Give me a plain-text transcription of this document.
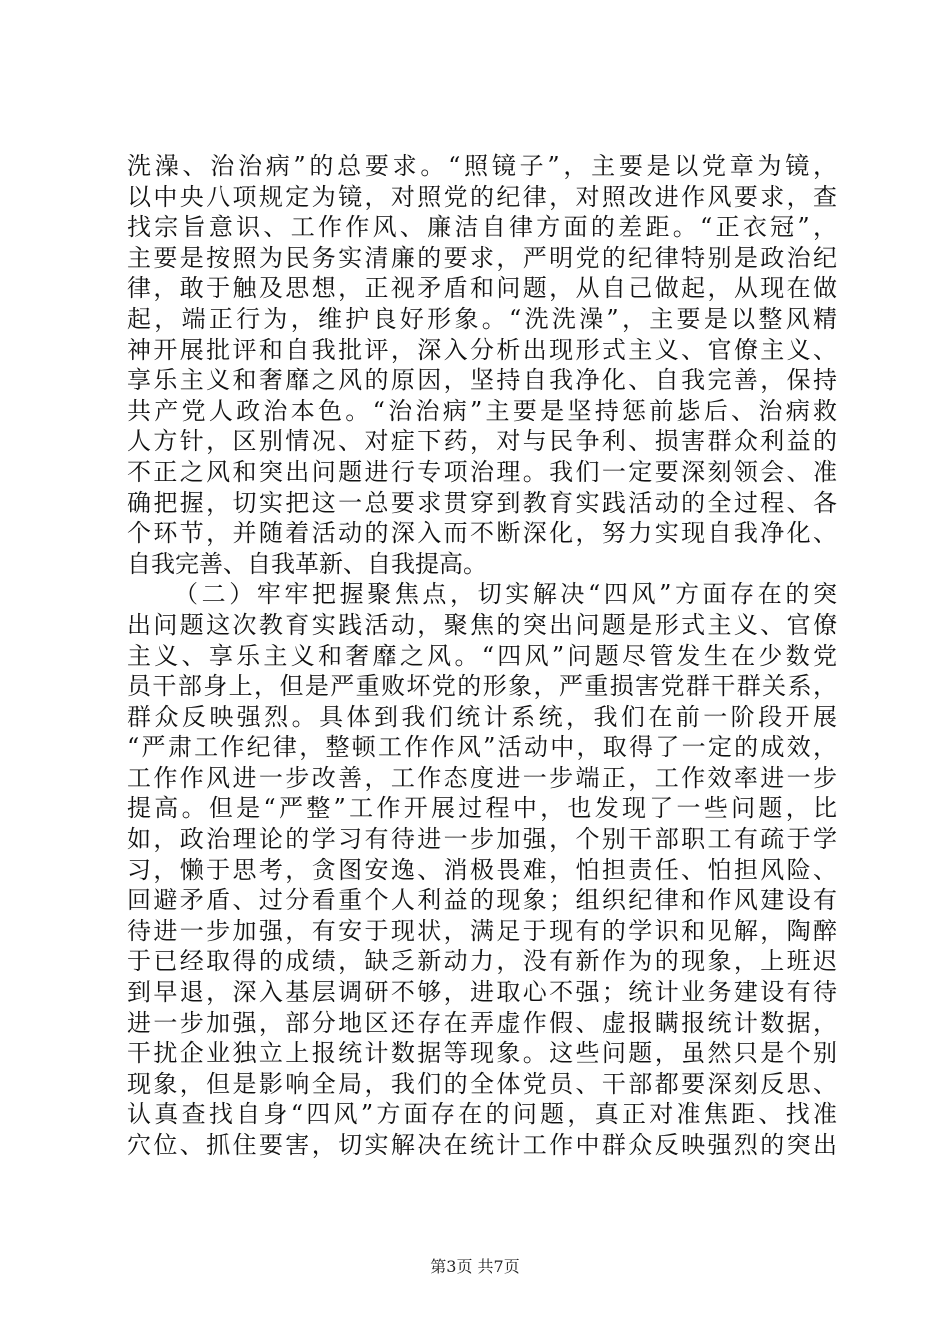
洗澡、治治病”的总要求。“照镜子”，主要是以党章为镜，
以中央八项规定为镜，对照党的纪律，对照改进作风要求，查
找宗旨意识、工作作风、廉洁自律方面的差距。“正衣冠”，
主要是按照为民务实清廉的要求，严明党的纪律特别是政治纪
律，敢于触及思想，正视矛盾和问题，从自己做起，从现在做
起，端正行为，维护良好形象。“洗洗澡”，主要是以整风精
神开展批评和自我批评，深入分析出现形式主义、官僚主义、
享乐主义和奢靡之风的原因，坚持自我净化、自我完善，保持
共产党人政治本色。“治治病”主要是坚持惩前毖后、治病救
人方针，区别情况、对症下药，对与民争利、损害群众利益的
不正之风和突出问题进行专项治理。我们一定要深刻领会、准
确把握，切实把这一总要求贯穿到教育实践活动的全过程、各
个环节，并随着活动的深入而不断深化，努力实现自我净化、
自我完善、自我革新、自我提高。
（二）牢牢把握聚焦点，切实解决“四风”方面存在的突
出问题这次教育实践活动，聚焦的突出问题是形式主义、官僚
主义、享乐主义和奢靡之风。“四风”问题尽管发生在少数党
员干部身上，但是严重败坏党的形象，严重损害党群干群关系，
群众反映强烈。具体到我们统计系统，我们在前一阶段开展
“严肃工作纪律，整顿工作作风”活动中，取得了一定的成效，
工作作风进一步改善，工作态度进一步端正，工作效率进一步
提高。但是“严整”工作开展过程中，也发现了一些问题，比
如，政治理论的学习有待进一步加强，个别干部职工有疏于学
习，懒于思考，贪图安逸、消极畏难，怕担责任、怕担风险、
回避矛盾、过分看重个人利益的现象；组织纪律和作风建设有
待进一步加强，有安于现状，满足于现有的学识和见解，陶醉
于已经取得的成绩，缺乏新动力，没有新作为的现象，上班迟
到早退，深入基层调研不够，进取心不强；统计业务建设有待
进一步加强，部分地区还存在弄虚作假、虚报瞒报统计数据，
干扰企业独立上报统计数据等现象。这些问题，虽然只是个别
现象，但是影响全局，我们的全体党员、干部都要深刻反思、
认真查找自身“四风”方面存在的问题，真正对准焦距、找准
穴位、抓住要害，切实解决在统计工作中群众反映强烈的突出
第3页 共7页
